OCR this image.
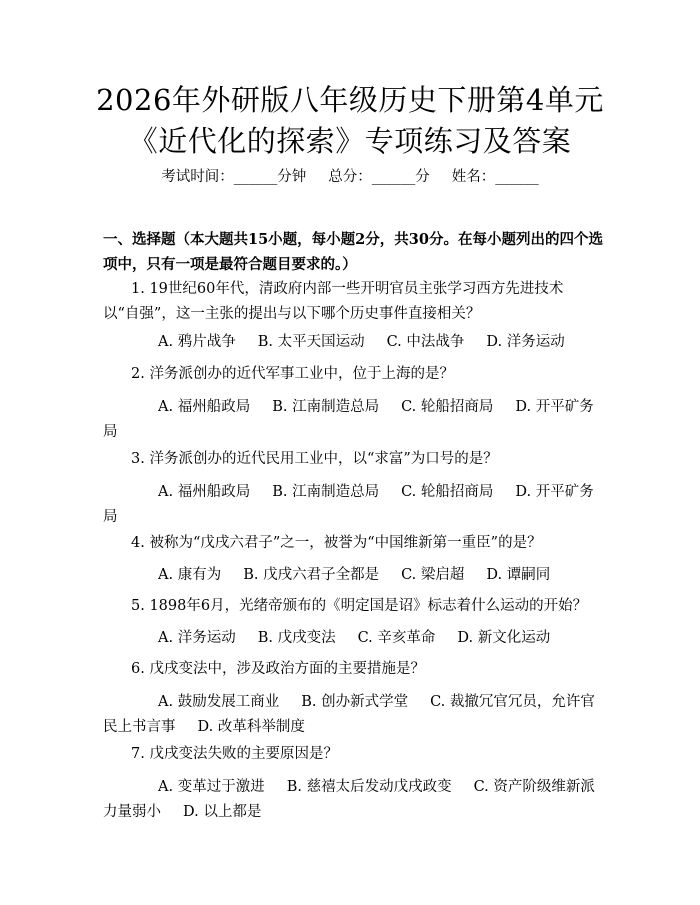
2026年外研版八年级历史下册第4单元《近代化的探索》专项练习及答案
考试时间：______分钟 总分：______分 姓名：______
一、选择题（本大题共15小题，每小题2分，共30分。在每小题列出的四个选项中，只有一项是最符合题目要求的。）
1. 19世纪60年代，清政府内部一些开明官员主张学习西方先进技术以“自强”，这一主张的提出与以下哪个历史事件直接相关？
A. 鸦片战争 B. 太平天国运动 C. 中法战争 D. 洋务运动
2. 洋务派创办的近代军事工业中，位于上海的是？
A. 福州船政局 B. 江南制造总局 C. 轮船招商局 D. 开平矿务局
3. 洋务派创办的近代民用工业中，以“求富”为口号的是？
A. 福州船政局 B. 江南制造总局 C. 轮船招商局 D. 开平矿务局
4. 被称为“戊戌六君子”之一，被誉为“中国维新第一重臣”的是？
A. 康有为 B. 戊戌六君子全都是 C. 梁启超 D. 谭嗣同
5. 1898年6月，光绪帝颁布的《明定国是诏》标志着什么运动的开始？
A. 洋务运动 B. 戊戌变法 C. 辛亥革命 D. 新文化运动
6. 戊戌变法中，涉及政治方面的主要措施是？
A. 鼓励发展工商业 B. 创办新式学堂 C. 裁撤冗官冗员，允许官民上书言事 D. 改革科举制度
7. 戊戌变法失败的主要原因是？
A. 变革过于激进 B. 慈禧太后发动戊戌政变 C. 资产阶级维新派力量弱小 D. 以上都是
